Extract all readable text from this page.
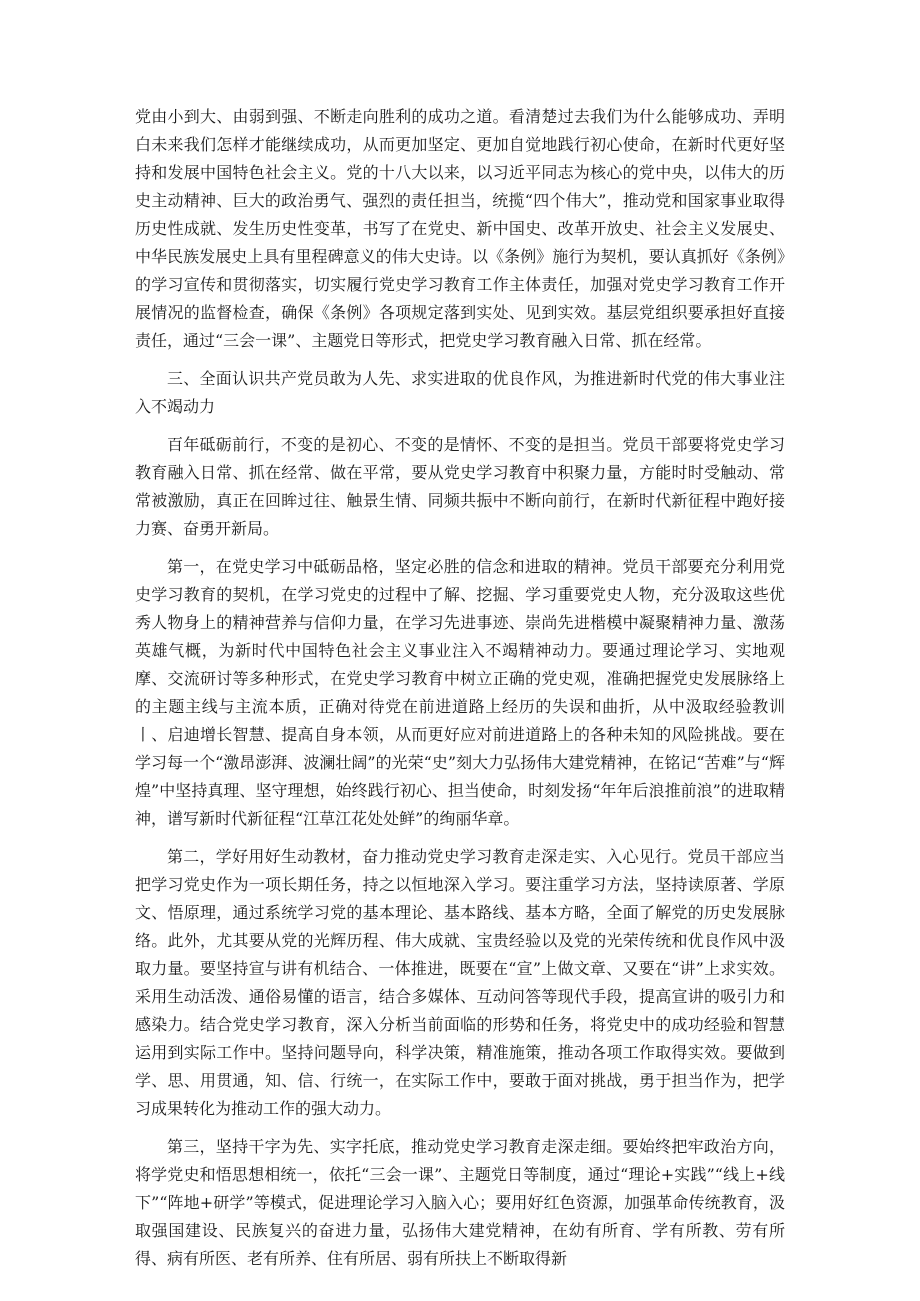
党由小到大、由弱到强、不断走向胜利的成功之道。看清楚过去我们为什么能够成功、弄明白未来我们怎样才能继续成功，从而更加坚定、更加自觉地践行初心使命，在新时代更好坚持和发展中国特色社会主义。党的十八大以来，以习近平同志为核心的党中央，以伟大的历史主动精神、巨大的政治勇气、强烈的责任担当，统揽“四个伟大”，推动党和国家事业取得历史性成就、发生历史性变革，书写了在党史、新中国史、改革开放史、社会主义发展史、中华民族发展史上具有里程碑意义的伟大史诗。以《条例》施行为契机，要认真抓好《条例》的学习宣传和贯彻落实，切实履行党史学习教育工作主体责任，加强对党史学习教育工作开展情况的监督检查，确保《条例》各项规定落到实处、见到实效。基层党组织要承担好直接责任，通过“三会一课”、主题党日等形式，把党史学习教育融入日常、抓在经常。

三、全面认识共产党员敢为人先、求实进取的优良作风，为推进新时代党的伟大事业注入不竭动力

百年砥砺前行，不变的是初心、不变的是情怀、不变的是担当。党员干部要将党史学习教育融入日常、抓在经常、做在平常，要从党史学习教育中积聚力量，方能时时受触动、常常被激励，真正在回眸过往、触景生情、同频共振中不断向前行，在新时代新征程中跑好接力赛、奋勇开新局。

第一，在党史学习中砥砺品格，坚定必胜的信念和进取的精神。党员干部要充分利用党史学习教育的契机，在学习党史的过程中了解、挖掘、学习重要党史人物，充分汲取这些优秀人物身上的精神营养与信仰力量，在学习先进事迹、崇尚先进楷模中凝聚精神力量、激荡英雄气概，为新时代中国特色社会主义事业注入不竭精神动力。要通过理论学习、实地观摩、交流研讨等多种形式，在党史学习教育中树立正确的党史观，准确把握党史发展脉络上的主题主线与主流本质，正确对待党在前进道路上经历的失误和曲折，从中汲取经验教训丨、启迪增长智慧、提高自身本领，从而更好应对前进道路上的各种未知的风险挑战。要在学习每一个“激昂澎湃、波澜壮阔”的光荣“史”刻大力弘扬伟大建党精神，在铭记“苦难”与“辉煌”中坚持真理、坚守理想，始终践行初心、担当使命，时刻发扬“年年后浪推前浪”的进取精神，谱写新时代新征程“江草江花处处鲜”的绚丽华章。

第二，学好用好生动教材，奋力推动党史学习教育走深走实、入心见行。党员干部应当把学习党史作为一项长期任务，持之以恒地深入学习。要注重学习方法，坚持读原著、学原文、悟原理，通过系统学习党的基本理论、基本路线、基本方略，全面了解党的历史发展脉络。此外，尤其要从党的光辉历程、伟大成就、宝贵经验以及党的光荣传统和优良作风中汲取力量。要坚持宣与讲有机结合、一体推进，既要在“宣”上做文章、又要在“讲”上求实效。采用生动活泼、通俗易懂的语言，结合多媒体、互动问答等现代手段，提高宣讲的吸引力和感染力。结合党史学习教育，深入分析当前面临的形势和任务，将党史中的成功经验和智慧运用到实际工作中。坚持问题导向，科学决策，精准施策，推动各项工作取得实效。要做到学、思、用贯通，知、信、行统一，在实际工作中，要敢于面对挑战，勇于担当作为，把学习成果转化为推动工作的强大动力。

第三，坚持干字为先、实字托底，推动党史学习教育走深走细。要始终把牢政治方向，将学党史和悟思想相统一，依托“三会一课”、主题党日等制度，通过“理论+实践”“线上+线下”“阵地+研学”等模式，促进理论学习入脑入心；要用好红色资源，加强革命传统教育，汲取强国建设、民族复兴的奋进力量，弘扬伟大建党精神，在幼有所育、学有所教、劳有所得、病有所医、老有所养、住有所居、弱有所扶上不断取得新
